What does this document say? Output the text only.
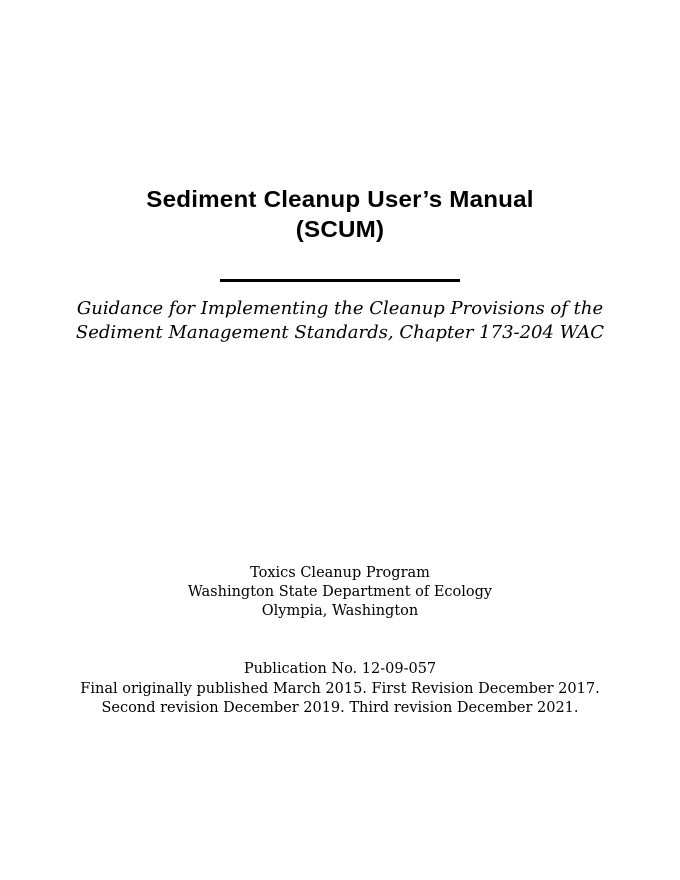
Sediment Cleanup User’s Manual
(SCUM)
Guidance for Implementing the Cleanup Provisions of the
Sediment Management Standards, Chapter 173-204 WAC
Toxics Cleanup Program
Washington State Department of Ecology
Olympia, Washington
Publication No. 12-09-057
Final originally published March 2015. First Revision December 2017.
Second revision December 2019. Third revision December 2021.
